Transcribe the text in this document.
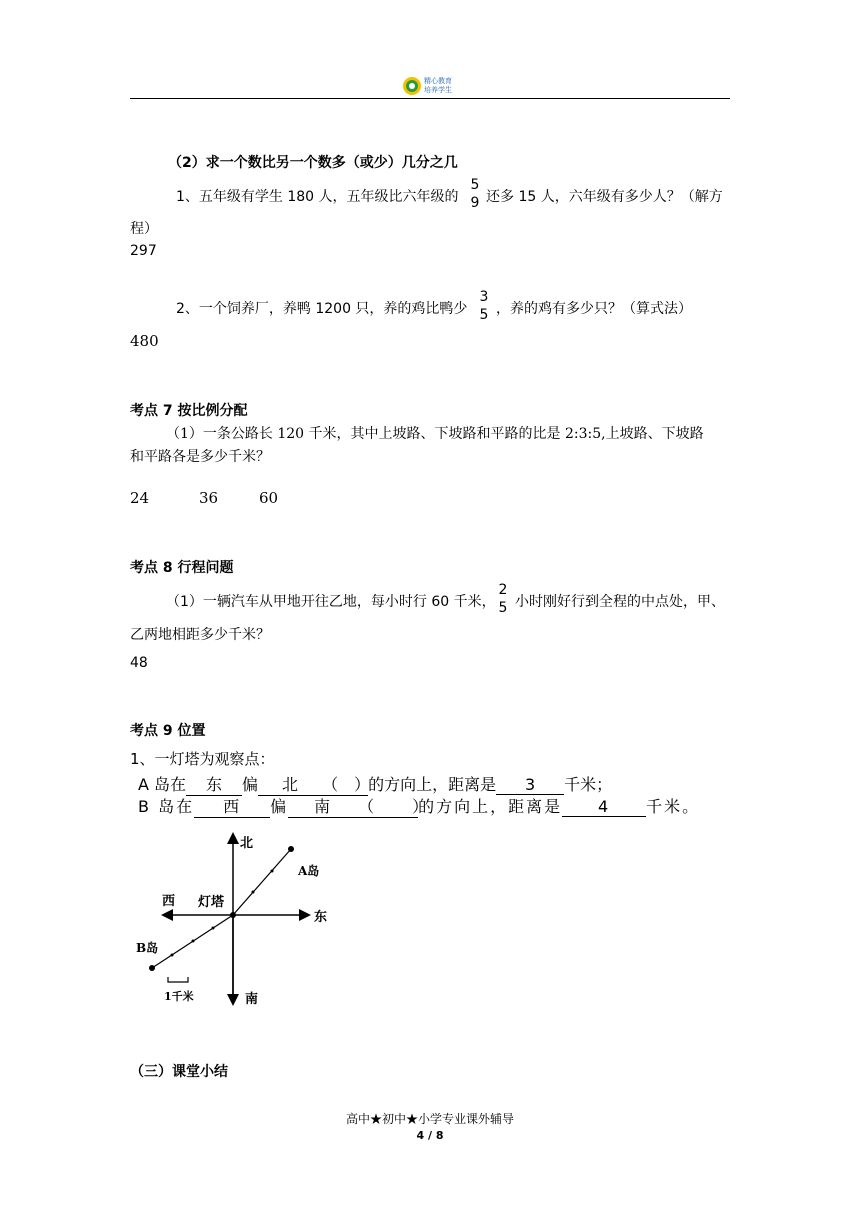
精心教育
培养学生
（2）求一个数比另一个数多（或少）几分之几
1、五年级有学生 180 人，五年级比六年级的
5
9 还多 15 人，六年级有多少人？（解方
程）
297
2、一个饲养厂，养鸭 1200 只，养的鸡比鸭少
3
5 ，养的鸡有多少只？（算式法）
480
考点 7 按比例分配
（1）一条公路长 120 千米，其中上坡路、下坡路和平路的比是 2:3:5,上坡路、下坡路
和平路各是多少千米？
24	36	60
考点 8 行程问题
（1）一辆汽车从甲地开往乙地，每小时行 60 千米，
2
5 小时刚好行到全程的中点处，甲、
乙两地相距多少千米？
48
考点 9 位置
1、一灯塔为观察点：
A 岛在 东 偏 北 （　）的方向上，距离是 3 千米；
B 岛在 西 偏 南 （　　）的方向上，距离是 4 千米。
北
南
东
西 灯塔
A岛
B岛
1千米
（三）课堂小结
高中★初中★小学专业课外辅导
4 / 8
